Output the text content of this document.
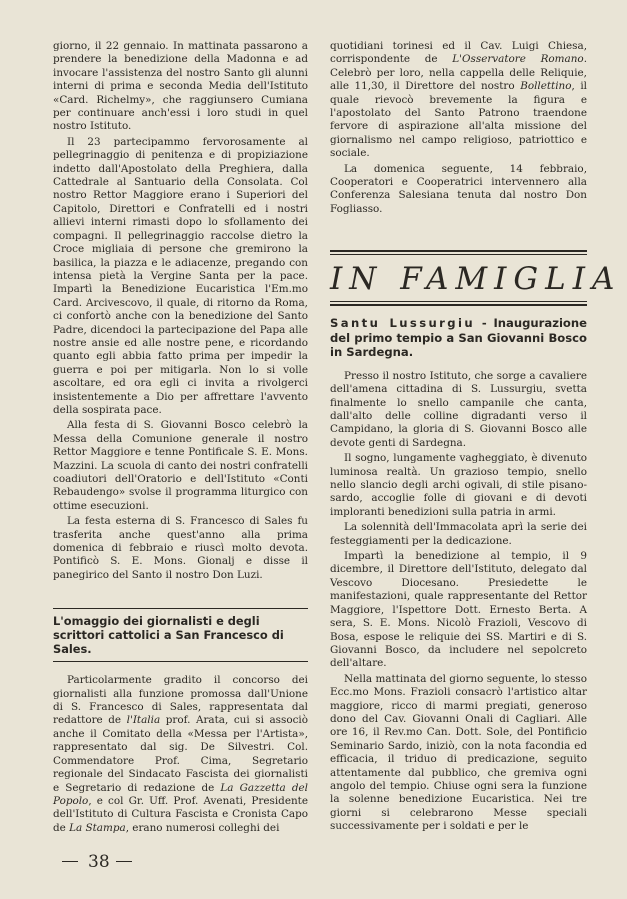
giorno, il 22 gennaio. In mattinata passarono a prendere la benedizione della Madonna e ad invocare l'assistenza del nostro Santo gli alunni interni di prima e seconda Media dell'Istituto «Card. Richelmy», che raggiunsero Cumiana per continuare anch'essi i loro studi in quel nostro Istituto.

Il 23 partecipammo fervorosamente al pellegrinaggio di penitenza e di propiziazione indetto dall'Apostolato della Preghiera, dalla Cattedrale al Santuario della Consolata. Col nostro Rettor Maggiore erano i Superiori del Capitolo, Direttori e Confratelli ed i nostri allievi interni rimasti dopo lo sfollamento dei compagni. Il pellegrinaggio raccolse dietro la Croce migliaia di persone che gremirono la basilica, la piazza e le adiacenze, pregando con intensa pietà la Vergine Santa per la pace. Impartì la Benedizione Eucaristica l'Em.mo Card. Arcivescovo, il quale, di ritorno da Roma, ci confortò anche con la benedizione del Santo Padre, dicendoci la partecipazione del Papa alle nostre ansie ed alle nostre pene, e ricordando quanto egli abbia fatto prima per impedir la guerra e poi per mitigarla. Non lo si volle ascoltare, ed ora egli ci invita a rivolgerci insistentemente a Dio per affrettare l'avvento della sospirata pace.

Alla festa di S. Giovanni Bosco celebrò la Messa della Comunione generale il nostro Rettor Maggiore e tenne Pontificale S. E. Mons. Mazzini. La scuola di canto dei nostri confratelli coadiutori dell'Oratorio e dell'Istituto «Conti Rebaudengo» svolse il programma liturgico con ottime esecuzioni.

La festa esterna di S. Francesco di Sales fu trasferita anche quest'anno alla prima domenica di febbraio e riuscì molto devota. Pontificò S. E. Mons. Gionalj e disse il panegirico del Santo il nostro Don Luzi.

L'omaggio dei giornalisti e degli scrittori cattolici a San Francesco di Sales.

Particolarmente gradito il concorso dei giornalisti alla funzione promossa dall'Unione di S. Francesco di Sales, rappresentata dal redattore de l'Italia prof. Arata, cui si associò anche il Comitato della «Messa per l'Artista», rappresentato dal sig. De Silvestri. Col. Commendatore Prof. Cima, Segretario regionale del Sindacato Fascista dei giornalisti e Segretario di redazione de La Gazzetta del Popolo, e col Gr. Uff. Prof. Avenati, Presidente dell'Istituto di Cultura Fascista e Cronista Capo de La Stampa, erano numerosi colleghi dei

quotidiani torinesi ed il Cav. Luigi Chiesa, corrispondente de L'Osservatore Romano. Celebrò per loro, nella cappella delle Reliquie, alle 11,30, il Direttore del nostro Bollettino, il quale rievocò brevemente la figura e l'apostolato del Santo Patrono traendone fervore di aspirazione all'alta missione del giornalismo nel campo religioso, patriottico e sociale.

La domenica seguente, 14 febbraio, Cooperatori e Cooperatrici intervennero alla Conferenza Salesiana tenuta dal nostro Don Fogliasso.

IN FAMIGLIA
Santu Lussurgiu - Inaugurazione del primo tempio a San Giovanni Bosco in Sardegna.

Presso il nostro Istituto, che sorge a cavaliere dell'amena cittadina di S. Lussurgiu, svetta finalmente lo snello campanile che canta, dall'alto delle colline digradanti verso il Campidano, la gloria di S. Giovanni Bosco alle devote genti di Sardegna.

Il sogno, lungamente vagheggiato, è divenuto luminosa realtà. Un grazioso tempio, snello nello slancio degli archi ogivali, di stile pisano-sardo, accoglie folle di giovani e di devoti imploranti benedizioni sulla patria in armi.

La solennità dell'Immacolata aprì la serie dei festeggiamenti per la dedicazione.

Impartì la benedizione al tempio, il 9 dicembre, il Direttore dell'Istituto, delegato dal Vescovo Diocesano. Presiedette le manifestazioni, quale rappresentante del Rettor Maggiore, l'Ispettore Dott. Ernesto Berta. A sera, S. E. Mons. Nicolò Frazioli, Vescovo di Bosa, espose le reliquie dei SS. Martiri e di S. Giovanni Bosco, da includere nel sepolcreto dell'altare.

Nella mattinata del giorno seguente, lo stesso Ecc.mo Mons. Frazioli consacrò l'artistico altar maggiore, ricco di marmi pregiati, generoso dono del Cav. Giovanni Onali di Cagliari. Alle ore 16, il Rev.mo Can. Dott. Sole, del Pontificio Seminario Sardo, iniziò, con la nota facondia ed efficacia, il triduo di predicazione, seguito attentamente dal pubblico, che gremiva ogni angolo del tempio. Chiuse ogni sera la funzione la solenne benedizione Eucaristica. Nei tre giorni si celebrarono Messe speciali successivamente per i soldati e per le

38
